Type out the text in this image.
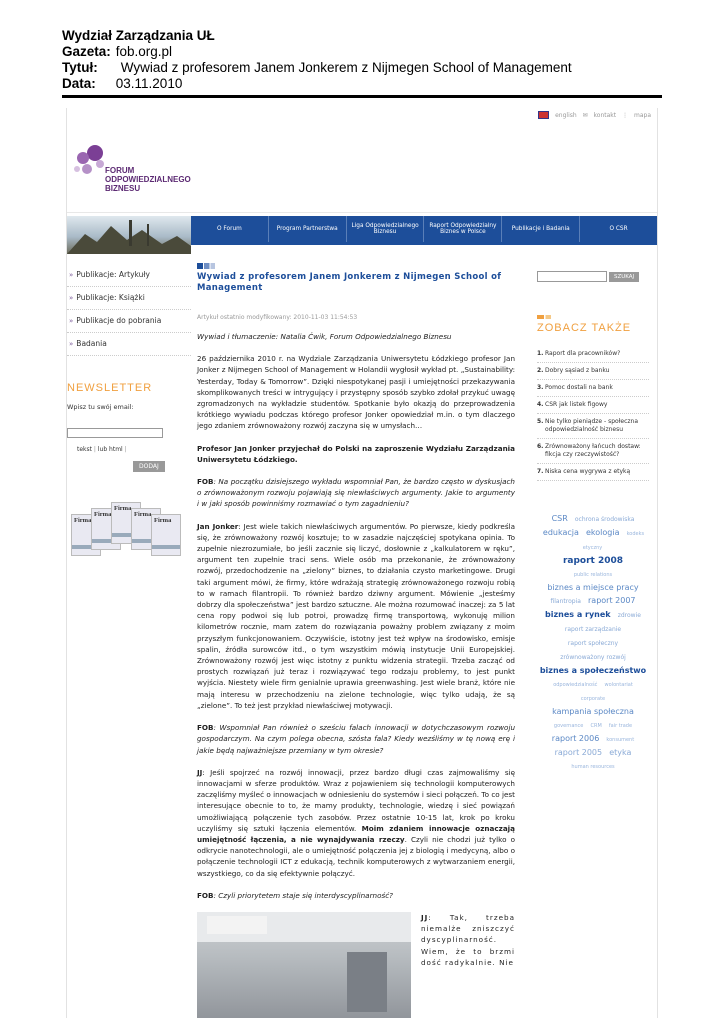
Wydział Zarządzania UŁ
Gazeta: fob.org.pl
Tytuł: Wywiad z profesorem Janem Jonkerem z Nijmegen School of Management
Data: 03.11.2010
english ✉ kontakt ⋮ mapa
FORUM
ODPOWIEDZIALNEGO
BIZNESU
O Forum	Program Partnerstwa
Liga Odpowiedzialnego Biznesu
Raport Odpowiedzialny Biznes w Polsce
Publikacje i Badania	O CSR
» Publikacje: Artykuły
» Publikacje: Książki
» Publikacje do pobrania
» Badania
NEWSLETTER
Wpisz tu swój email:
tekst | lub html |
DODAJ
Firma
Firma
Firma
Firma
Firma
Wywiad z profesorem Janem Jonkerem z Nijmegen School of Management
Artykuł ostatnio modyfikowany: 2010-11-03 11:54:53

Wywiad i tłumaczenie: Natalia Ćwik, Forum Odpowiedzialnego Biznesu

26 października 2010 r. na Wydziale Zarządzania Uniwersytetu Łódzkiego profesor Jan Jonker z Nijmegen School of Management w Holandii wygłosił wykład pt. „Sustainability: Yesterday, Today & Tomorrow”. Dzięki niespotykanej pasji i umiejętności przekazywania skomplikowanych treści w intrygujący i przystępny sposób szybko zdołał przykuć uwagę zgromadzonych na wykładzie studentów. Spotkanie było okazją do przeprowadzenia krótkiego wywiadu podczas którego profesor Jonker opowiedział m.in. o tym dlaczego jego zdaniem zrównoważony rozwój zaczyna się w umysłach…

Profesor Jan Jonker przyjechał do Polski na zaproszenie Wydziału Zarządzania Uniwersytetu Łódzkiego.

FOB: Na początku dzisiejszego wykładu wspomniał Pan, że bardzo często w dyskusjach o zrównoważonym rozwoju pojawiają się niewłaściwych argumenty. Jakie to argumenty i w jaki sposób powinniśmy rozmawiać o tym zagadnieniu?

Jan Jonker: Jest wiele takich niewłaściwych argumentów. Po pierwsze, kiedy podkreśla się, że zrównoważony rozwój kosztuje; to w zasadzie najczęściej spotykana opinia. To zupełnie niezrozumiałe, bo jeśli zacznie się liczyć, dosłownie z „kalkulatorem w ręku”, argument ten zupełnie traci sens. Wiele osób ma przekonanie, że zrównoważony rozwój, przedochodzenie na „zielony” biznes, to działania czysto marketingowe. Drugi taki argument mówi, że firmy, które wdrażają strategię zrównoważonego rozwoju robią to w ramach filantropii. To również bardzo dziwny argument. Mówienie „jesteśmy dobrzy dla społeczeństwa” jest bardzo sztuczne. Ale można rozumować inaczej: za 5 lat cena ropy podwoi się lub potroi, prowadzę firmę transportową, wykonuję milion kilometrów rocznie, mam zatem do rozwiązania poważny problem związany z moim przyszłym funkcjonowaniem. Oczywiście, istotny jest też wpływ na środowisko, emisje spalin, źródła surowców itd., o tym wszystkim mówią instytucje Unii Europejskiej. Zrównoważony rozwój jest więc istotny z punktu widzenia strategii. Trzeba zacząć od prostych rozwiązań już teraz i rozwiązywać tego rodzaju problemy, to jest punkt wyjścia. Niestety wiele firm genialnie uprawia greenwashing. Jest wiele branż, które nie mają interesu w przechodzeniu na zielone technologie, więc tylko udają, że są „zielone”. To też jest przykład niewłaściwej motywacji.

FOB: Wspomniał Pan również o sześciu falach innowacji w dotychczasowym rozwoju gospodarczym. Na czym polega obecna, szósta fala? Kiedy wezśliśmy w tę nową erę i jakie będą najważniejsze przemiany w tym okresie?

JJ: Jeśli spojrzeć na rozwój innowacji, przez bardzo długi czas zajmowaliśmy się innowacjami w sferze produktów. Wraz z pojawieniem się technologii komputerowych zaczęliśmy myśleć o innowacjach w odniesieniu do systemów i sieci połączeń. To co jest interesujące obecnie to to, że mamy produkty, technologie, wiedzę i sieć powiązań umożliwiającą połączenie tych zasobów. Przez ostatnie 10-15 lat, krok po kroku uczyliśmy się sztuki łączenia elementów. Moim zdaniem innowacje oznaczają umiejętność łączenia, a nie wynajdywania rzeczy. Czyli nie chodzi już tylko o odkrycie nanotechnologii, ale o umiejętność połączenia jej z biologią i medycyną, albo o połączenie technologii ICT z edukacją, technik komputerowych z wytwarzaniem energii, wszystkiego, co da się efektywnie połączyć.

FOB: Czyli priorytetem staje się interdyscyplinarność?

JJ: Tak, trzeba niemalże zniszczyć dyscyplinarność. Wiem, że to brzmi dość radykalnie. Nie

SZUKAJ
ZOBACZ TAKŻE
1. Raport dla pracowników?
2. Dobry sąsiad z banku
3. Pomoc dostali na bank
4. CSR jak listek figowy
5. Nie tylko pieniądze - społeczna odpowiedzialność biznesu
6. Zrównoważony łańcuch dostaw: fikcja czy rzeczywistość?
7. Niska cena wygrywa z etyką
CSR ochrona środowiska edukacja ekologia kodeks etyczny
raport 2008
public relations
biznes a miejsce pracy
filantropia raport 2007
biznes a rynek zdrowie
raport zarządzanie
raport społeczny
zrównoważony rozwój
biznes a społeczeństwo
odpowiedzialność wolontariat
corporate
kampania społeczna
governance CRM fair trade
raport 2006 konsument
raport 2005 etyka
human resources
